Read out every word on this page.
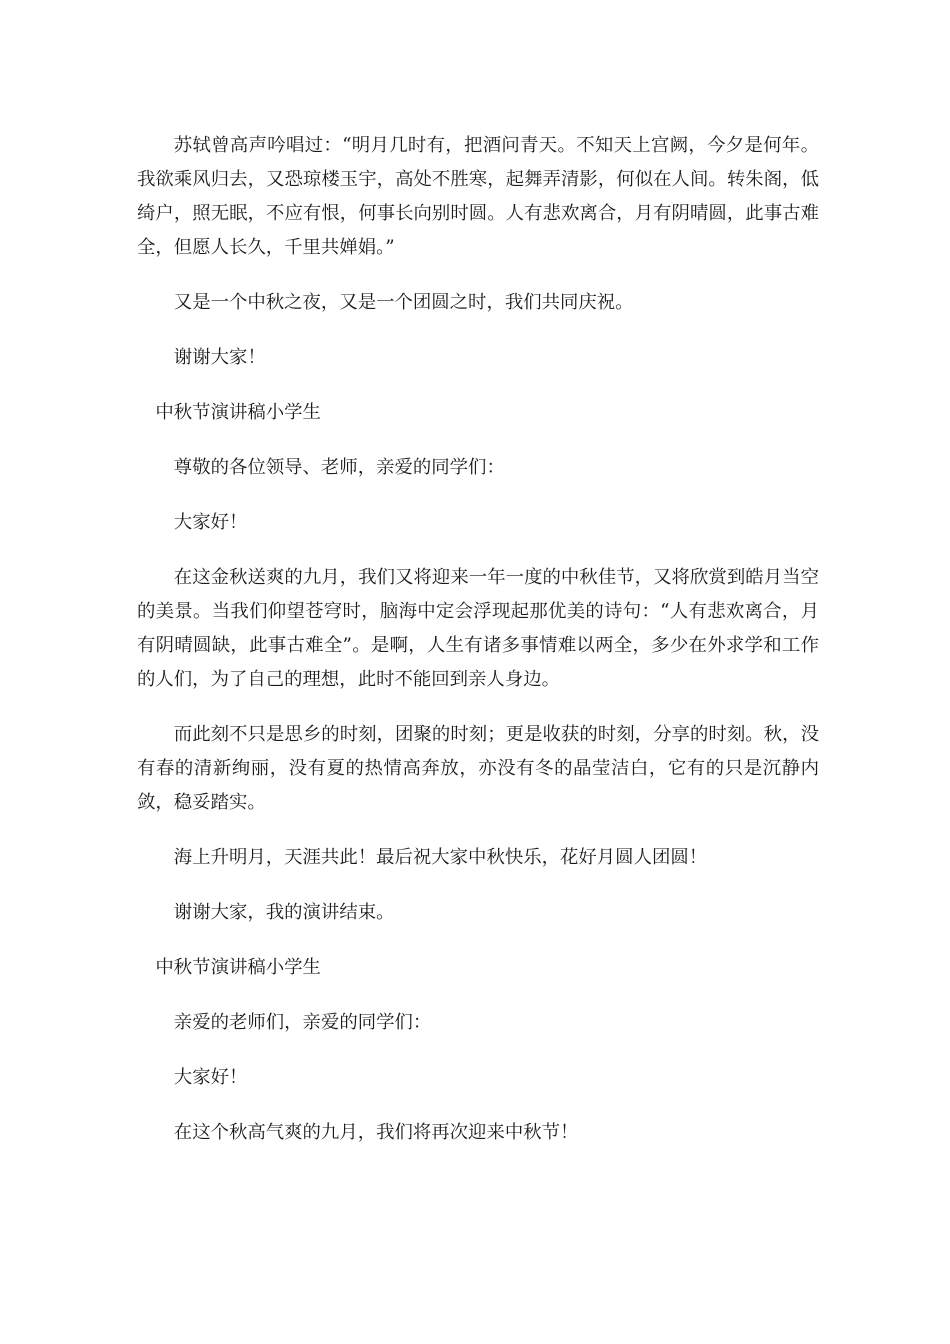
苏轼曾高声吟唱过：“明月几时有，把酒问青天。不知天上宫阙，今夕是何年。我欲乘风归去，又恐琼楼玉宇，高处不胜寒，起舞弄清影，何似在人间。转朱阁，低绮户，照无眠，不应有恨，何事长向别时圆。人有悲欢离合，月有阴晴圆，此事古难全，但愿人长久，千里共婵娟。”

又是一个中秋之夜，又是一个团圆之时，我们共同庆祝。

谢谢大家！

中秋节演讲稿小学生

尊敬的各位领导、老师，亲爱的同学们：

大家好！

在这金秋送爽的九月，我们又将迎来一年一度的中秋佳节，又将欣赏到皓月当空的美景。当我们仰望苍穹时，脑海中定会浮现起那优美的诗句：“人有悲欢离合，月有阴晴圆缺，此事古难全”。是啊，人生有诸多事情难以两全，多少在外求学和工作的人们，为了自己的理想，此时不能回到亲人身边。

而此刻不只是思乡的时刻，团聚的时刻；更是收获的时刻，分享的时刻。秋，没有春的清新绚丽，没有夏的热情高奔放，亦没有冬的晶莹洁白，它有的只是沉静内敛，稳妥踏实。

海上升明月，天涯共此！最后祝大家中秋快乐，花好月圆人团圆！

谢谢大家，我的演讲结束。

中秋节演讲稿小学生

亲爱的老师们，亲爱的同学们：

大家好！

在这个秋高气爽的九月，我们将再次迎来中秋节！
